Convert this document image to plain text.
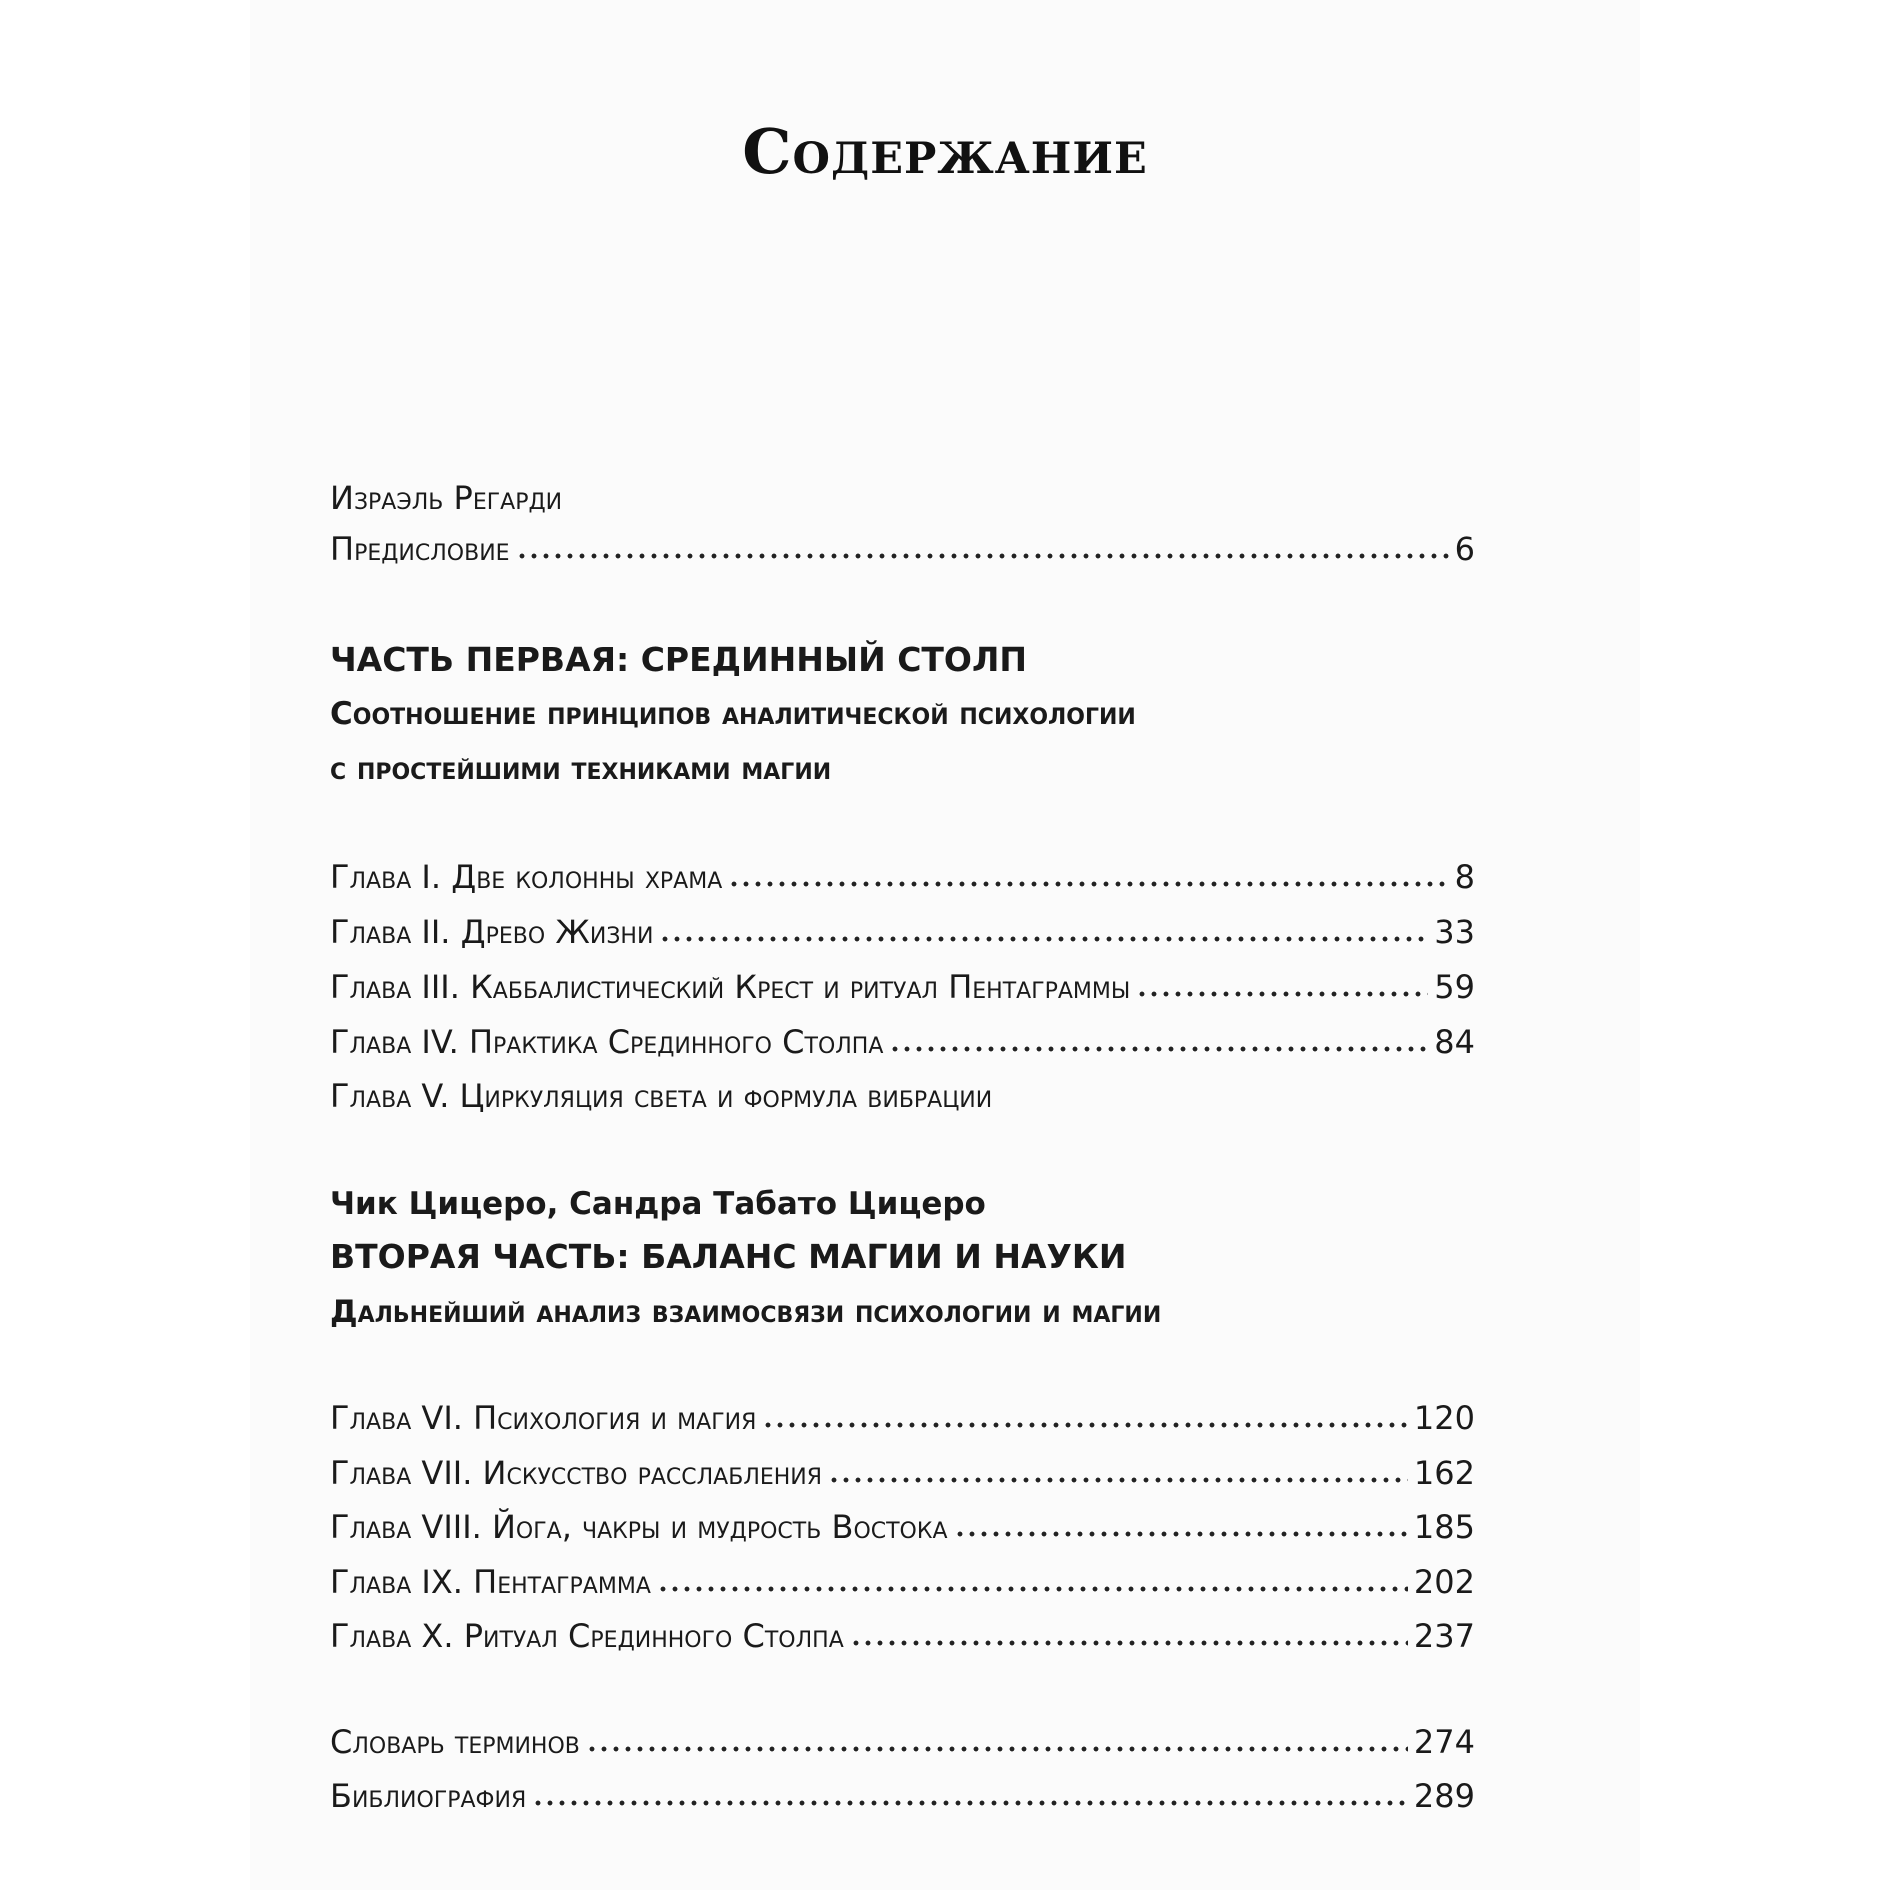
Содержание
Израэль Регарди
Предисловие	6
ЧАСТЬ ПЕРВАЯ: СРЕДИННЫЙ СТОЛП
Соотношение принципов аналитической психологии
с простейшими техниками магии
Глава I. Две колонны храма	8
Глава II. Древо Жизни	33
Глава III. Каббалистический Крест и ритуал Пентаграммы	59
Глава IV. Практика Срединного Столпа	84
Глава V. Циркуляция света и формула вибрации
Чик Цицеро, Сандра Табато Цицеро
ВТОРАЯ ЧАСТЬ: БАЛАНС МАГИИ И НАУКИ
Дальнейший анализ взаимосвязи психологии и магии
Глава VI. Психология и магия	120
Глава VII. Искусство расслабления	162
Глава VIII. Йога, чакры и мудрость Востока	185
Глава IX. Пентаграмма	202
Глава X. Ритуал Срединного Столпа	237
Словарь терминов	274
Библиография	289
